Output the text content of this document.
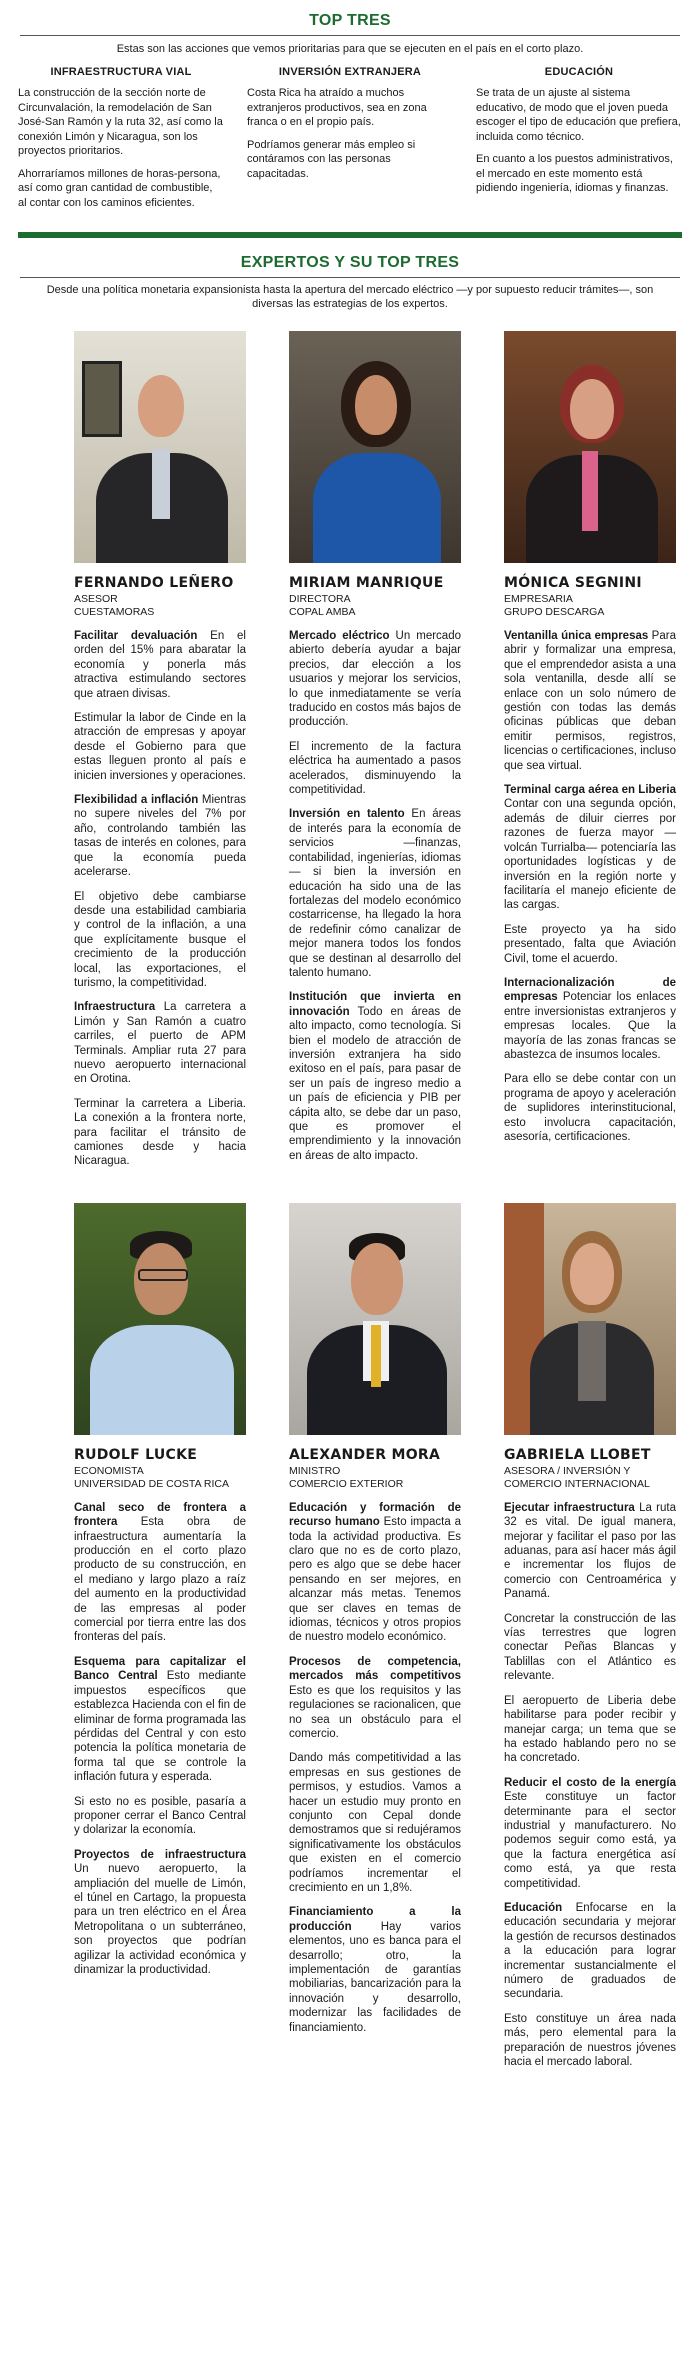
TOP TRES
Estas son las acciones que vemos prioritarias para que se ejecuten en el país en el corto plazo.
INFRAESTRUCTURA VIAL

La construcción de la sección norte de Circunvalación, la remodelación de San José-San Ramón y la ruta 32, así como la conexión Limón y Nicaragua, son los proyectos prioritarios.

Ahorraríamos millones de horas-persona, así como gran cantidad de combustible, al contar con los caminos eficientes.

INVERSIÓN EXTRANJERA

Costa Rica ha atraído a muchos extranjeros productivos, sea en zona franca o en el propio país.

Podríamos generar más empleo si contáramos con las personas capacitadas.

EDUCACIÓN

Se trata de un ajuste al sistema educativo, de modo que el joven pueda escoger el tipo de educación que prefiera, incluida como técnico.

En cuanto a los puestos administrativos, el mercado en este momento está pidiendo ingeniería, idiomas y finanzas.

EXPERTOS Y SU TOP TRES
Desde una política monetaria expansionista hasta la apertura del mercado eléctrico —y por supuesto reducir trámites—, son diversas las estrategias de los expertos.
FERNANDO LEÑERO
ASESOR
CUESTAMORAS

Facilitar devaluación En el orden del 15% para abaratar la economía y ponerla más atractiva estimulando sectores que atraen divisas.

Estimular la labor de Cinde en la atracción de empresas y apoyar desde el Gobierno para que estas lleguen pronto al país e inicien inversiones y operaciones.

Flexibilidad a inflación Mientras no supere niveles del 7% por año, controlando también las tasas de interés en colones, para que la economía pueda acelerarse.

El objetivo debe cambiarse desde una estabilidad cambiaria y control de la inflación, a una que explícitamente busque el crecimiento de la producción local, las exportaciones, el turismo, la competitividad.

Infraestructura La carretera a Limón y San Ramón a cuatro carriles, el puerto de APM Terminals. Ampliar ruta 27 para nuevo aeropuerto internacional en Orotina.

Terminar la carretera a Liberia. La conexión a la frontera norte, para facilitar el tránsito de camiones desde y hacia Nicaragua.

MIRIAM MANRIQUE
DIRECTORA
COPAL AMBA

Mercado eléctrico Un mercado abierto debería ayudar a bajar precios, dar elección a los usuarios y mejorar los servicios, lo que inmediatamente se vería traducido en costos más bajos de producción.

El incremento de la factura eléctrica ha aumentado a pasos acelerados, disminuyendo la competitividad.

Inversión en talento En áreas de interés para la economía de servicios —finanzas, contabilidad, ingenierías, idiomas— si bien la inversión en educación ha sido una de las fortalezas del modelo económico costarricense, ha llegado la hora de redefinir cómo canalizar de mejor manera todos los fondos que se destinan al desarrollo del talento humano.

Institución que invierta en innovación Todo en áreas de alto impacto, como tecnología. Si bien el modelo de atracción de inversión extranjera ha sido exitoso en el país, para pasar de ser un país de ingreso medio a un país de eficiencia y PIB per cápita alto, se debe dar un paso, que es promover el emprendimiento y la innovación en áreas de alto impacto.

MÓNICA SEGNINI
EMPRESARIA
GRUPO DESCARGA

Ventanilla única empresas Para abrir y formalizar una empresa, que el emprendedor asista a una sola ventanilla, desde allí se enlace con un solo número de gestión con todas las demás oficinas públicas que deban emitir permisos, registros, licencias o certificaciones, incluso que sea virtual.

Terminal carga aérea en Liberia Contar con una segunda opción, además de diluir cierres por razones de fuerza mayor —volcán Turrialba— potenciaría las oportunidades logísticas y de inversión en la región norte y facilitaría el manejo eficiente de las cargas.

Este proyecto ya ha sido presentado, falta que Aviación Civil, tome el acuerdo.

Internacionalización de empresas Potenciar los enlaces entre inversionistas extranjeros y empresas locales. Que la mayoría de las zonas francas se abastezca de insumos locales.

Para ello se debe contar con un programa de apoyo y aceleración de suplidores interinstitucional, esto involucra capacitación, asesoría, certificaciones.

RUDOLF LUCKE
ECONOMISTA
UNIVERSIDAD DE COSTA RICA

Canal seco de frontera a frontera Esta obra de infraestructura aumentaría la producción en el corto plazo producto de su construcción, en el mediano y largo plazo a raíz del aumento en la productividad de las empresas al poder comercial por tierra entre las dos fronteras del país.

Esquema para capitalizar el Banco Central Esto mediante impuestos específicos que establezca Hacienda con el fin de eliminar de forma programada las pérdidas del Central y con esto potencia la política monetaria de forma tal que se controle la inflación futura y esperada.

Si esto no es posible, pasaría a proponer cerrar el Banco Central y dolarizar la economía.

Proyectos de infraestructura Un nuevo aeropuerto, la ampliación del muelle de Limón, el túnel en Cartago, la propuesta para un tren eléctrico en el Área Metropolitana o un subterráneo, son proyectos que podrían agilizar la actividad económica y dinamizar la productividad.

ALEXANDER MORA
MINISTRO
COMERCIO EXTERIOR

Educación y formación de recurso humano Esto impacta a toda la actividad productiva. Es claro que no es de corto plazo, pero es algo que se debe hacer pensando en ser mejores, en alcanzar más metas. Tenemos que ser claves en temas de idiomas, técnicos y otros propios de nuestro modelo económico.

Procesos de competencia, mercados más competitivos Esto es que los requisitos y las regulaciones se racionalicen, que no sea un obstáculo para el comercio.

Dando más competitividad a las empresas en sus gestiones de permisos, y estudios. Vamos a hacer un estudio muy pronto en conjunto con Cepal donde demostramos que si redujéramos significativamente los obstáculos que existen en el comercio podríamos incrementar el crecimiento en un 1,8%.

Financiamiento a la producción Hay varios elementos, uno es banca para el desarrollo; otro, la implementación de garantías mobiliarias, bancarización para la innovación y desarrollo, modernizar las facilidades de financiamiento.

GABRIELA LLOBET
ASESORA / INVERSIÓN Y COMERCIO INTERNACIONAL

Ejecutar infraestructura La ruta 32 es vital. De igual manera, mejorar y facilitar el paso por las aduanas, para así hacer más ágil e incrementar los flujos de comercio con Centroamérica y Panamá.

Concretar la construcción de las vías terrestres que logren conectar Peñas Blancas y Tablillas con el Atlántico es relevante.

El aeropuerto de Liberia debe habilitarse para poder recibir y manejar carga; un tema que se ha estado hablando pero no se ha concretado.

Reducir el costo de la energía Este constituye un factor determinante para el sector industrial y manufacturero. No podemos seguir como está, ya que la factura energética así como está, ya que resta competitividad.

Educación Enfocarse en la educación secundaria y mejorar la gestión de recursos destinados a la educación para lograr incrementar sustancialmente el número de graduados de secundaria.

Esto constituye un área nada más, pero elemental para la preparación de nuestros jóvenes hacia el mercado laboral.
